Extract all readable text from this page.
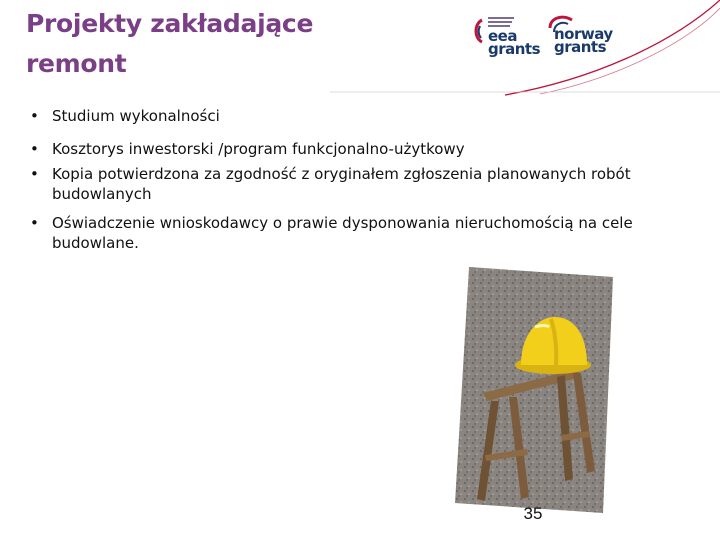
Projekty zakładające
remont
eea
grants
norway
grants
• Studium wykonalności
• Kosztorys inwestorski /program funkcjonalno-użytkowy
• Kopia potwierdzona za zgodność z oryginałem zgłoszenia planowanych robót budowlanych
• Oświadczenie wnioskodawcy o prawie dysponowania nieruchomością na cele budowlane.
35
